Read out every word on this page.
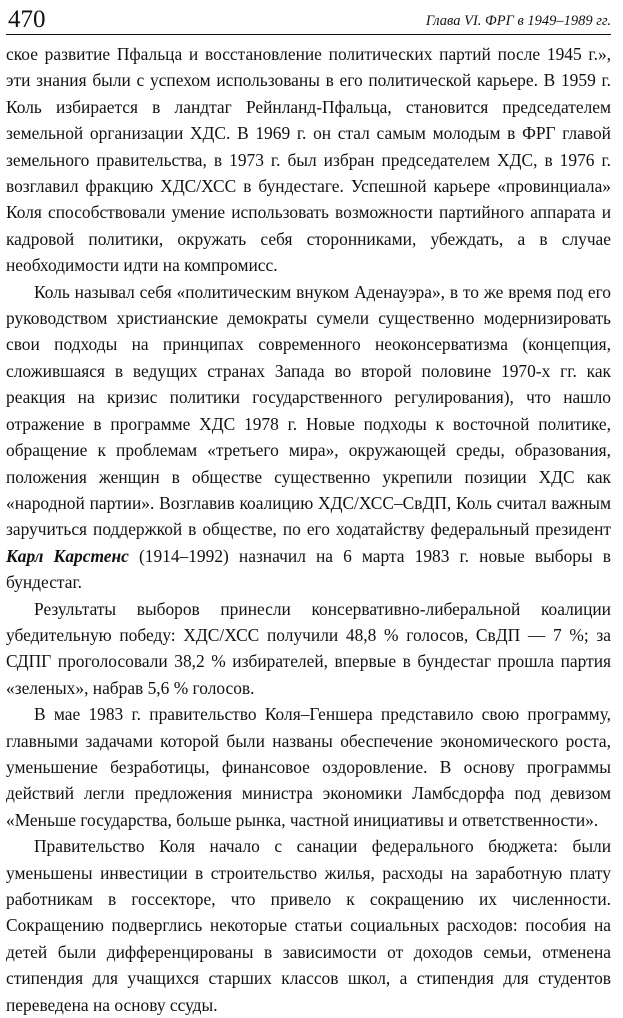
470	Глава VI. ФРГ в 1949–1989 гг.

ское развитие Пфальца и восстановление политических партий после 1945 г.», эти знания были с успехом использованы в его политической карьере. В 1959 г. Коль избирается в ландтаг Рейнланд-Пфальца, становится председателем земельной организации ХДС. В 1969 г. он стал самым молодым в ФРГ главой земельного правительства, в 1973 г. был избран председателем ХДС, в 1976 г. возглавил фракцию ХДС/ХСС в бундестаге. Успешной карьере «провинциала» Коля способствовали умение использовать возможности партийного аппарата и кадровой политики, окружать себя сторонниками, убеждать, а в случае необходимости идти на компромисс.

Коль называл себя «политическим внуком Аденауэра», в то же время под его руководством христианские демократы сумели существенно модернизировать свои подходы на принципах современного неоконсерватизма (концепция, сложившаяся в ведущих странах Запада во второй половине 1970-х гг. как реакция на кризис политики государственного регулирования), что нашло отражение в программе ХДС 1978 г. Новые подходы к восточной политике, обращение к проблемам «третьего мира», окружающей среды, образования, положения женщин в обществе существенно укрепили позиции ХДС как «народной партии». Возглавив коалицию ХДС/ХСС–СвДП, Коль считал важным заручиться поддержкой в обществе, по его ходатайству федеральный президент Карл Карстенс (1914–1992) назначил на 6 марта 1983 г. новые выборы в бундестаг.

Результаты выборов принесли консервативно-либеральной коалиции убедительную победу: ХДС/ХСС получили 48,8 % голосов, СвДП — 7 %; за СДПГ проголосовали 38,2 % избирателей, впервые в бундестаг прошла партия «зеленых», набрав 5,6 % голосов.

В мае 1983 г. правительство Коля–Геншера представило свою программу, главными задачами которой были названы обеспечение экономического роста, уменьшение безработицы, финансовое оздоровление. В основу программы действий легли предложения министра экономики Ламбсдорфа под девизом «Меньше государства, больше рынка, частной инициативы и ответственности».

Правительство Коля начало с санации федерального бюджета: были уменьшены инвестиции в строительство жилья, расходы на заработную плату работникам в госсекторе, что привело к сокращению их численности. Сокращению подверглись некоторые статьи социальных расходов: пособия на детей были дифференцированы в зависимости от доходов семьи, отменена стипендия для учащихся старших классов школ, а стипендия для студентов переведена на основу ссуды.
